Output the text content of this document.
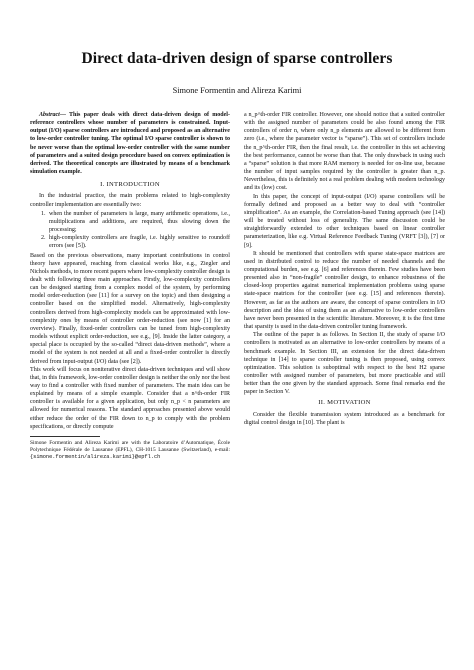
Direct data-driven design of sparse controllers
Simone Formentin and Alireza Karimi

Abstract— This paper deals with direct data-driven design of model-reference controllers whose number of parameters is constrained. Input-output (I/O) sparse controllers are introduced and proposed as an alternative to low-order controller tuning. The optimal I/O sparse controller is shown to be never worse than the optimal low-order controller with the same number of parameters and a suited design procedure based on convex optimization is derived. The theoretical concepts are illustrated by means of a benchmark simulation example.

I. INTRODUCTION

In the industrial practice, the main problems related to high-complexity controller implementation are essentially two:

1. when the number of parameters is large, many arithmetic operations, i.e., multiplications and additions, are required, thus slowing down the processing;
2. high-complexity controllers are fragile, i.e. highly sensitive to roundoff errors (see [5]).

Based on the previous observations, many important contributions in control theory have appeared, reaching from classical works like, e.g., Ziegler and Nichols methods, to more recent papers where low-complexity controller design is dealt with following three main approaches. Firstly, low-complexity controllers can be designed starting from a complex model of the system, by performing model order-reduction (see [11] for a survey on the topic) and then designing a controller based on the simplified model. Alternatively, high-complexity controllers derived from high-complexity models can be approximated with low-complexity ones by means of controller order-reduction (see now [1] for an overview). Finally, fixed-order controllers can be tuned from high-complexity models without explicit order-reduction, see e.g., [9]. Inside the latter category, a special place is occupied by the so-called “direct data-driven methods”, where a model of the system is not needed at all and a fixed-order controller is directly derived from input-output (I/O) data (see [2]).

This work will focus on noniterative direct data-driven techniques and will show that, in this framework, low-order controller design is neither the only nor the best way to find a controller with fixed number of parameters. The main idea can be explained by means of a simple example. Consider that a n^th-order FIR controller is available for a given application, but only n_p < n parameters are allowed for numerical reasons. The standard approaches presented above would either reduce the order of the FIR down to n_p to comply with the problem specifications, or directly compute

Simone Formentin and Alireza Karimi are with the Laboratoire d’Automatique, École Polytechnique Fédérale de Lausanne (EPFL), CH-1015 Lausanne (Switzerland), e-mail: {simone.formentin/alireza.karimi}@epfl.ch

a n_p^th-order FIR controller. However, one should notice that a suited controller with the assigned number of parameters could be also found among the FIR controllers of order n, where only n_p elements are allowed to be different from zero (i.e., where the parameter vector is “sparse”). This set of controllers include the n_p^th-order FIR, then the final result, i.e. the controller in this set achieving the best performance, cannot be worse than that. The only drawback in using such a “sparse” solution is that more RAM memory is needed for on-line use, because the number of input samples required by the controller is greater than n_p. Nevertheless, this is definitely not a real problem dealing with modern technology and its (low) cost.

In this paper, the concept of input-output (I/O) sparse controllers will be formally defined and proposed as a better way to deal with “controller simplification”. As an example, the Correlation-based Tuning approach (see [14]) will be treated without loss of generality. The same discussion could be straightforwardly extended to other techniques based on linear controller parameterization, like e.g. Virtual Reference Feedback Tuning (VRFT [3]), [7] or [9].

It should be mentioned that controllers with sparse state-space matrices are used in distributed control to reduce the number of needed channels and the computational burden, see e.g. [6] and references therein. Few studies have been presented also in “non-fragile” controller design, to enhance robustness of the closed-loop properties against numerical implementation problems using sparse state-space matrices for the controller (see e.g. [15] and references therein). However, as far as the authors are aware, the concept of sparse controllers in I/O description and the idea of using them as an alternative to low-order controllers have never been presented in the scientific literature. Moreover, it is the first time that sparsity is used in the data-driven controller tuning framework.

The outline of the paper is as follows. In Section II, the study of sparse I/O controllers is motivated as an alternative to low-order controllers by means of a benchmark example. In Section III, an extension for the direct data-driven technique in [14] to sparse controller tuning is then proposed, using convex optimization. This solution is suboptimal with respect to the best H2 sparse controller with assigned number of parameters, but more practicable and still better than the one given by the standard approach. Some final remarks end the paper in Section V.

II. MOTIVATION

Consider the flexible transmission system introduced as a benchmark for digital control design in [10]. The plant is
